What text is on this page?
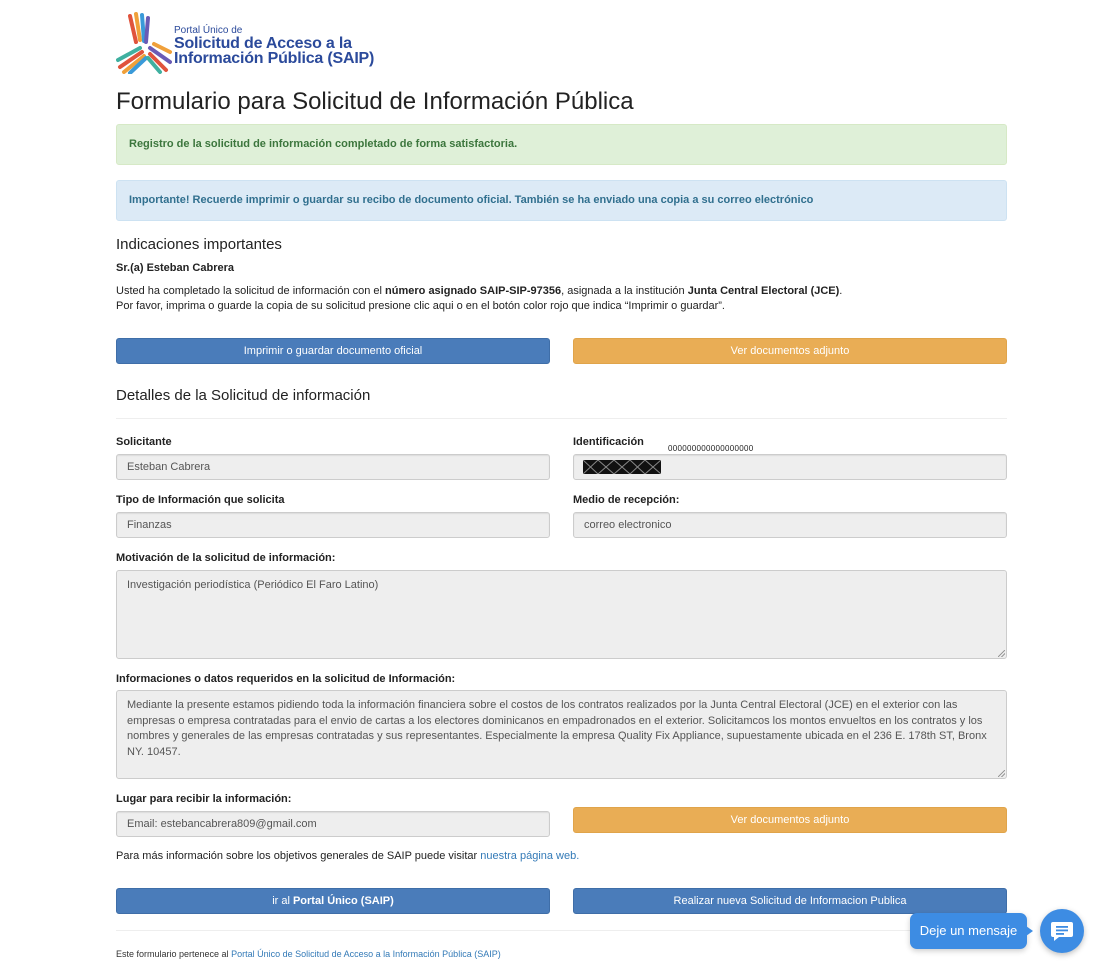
Portal Único de
Solicitud de Acceso a la
Información Pública (SAIP)
Formulario para Solicitud de Información Pública
Registro de la solicitud de información completado de forma satisfactoria.
Importante! Recuerde imprimir o guardar su recibo de documento oficial. También se ha enviado una copia a su correo electrónico
Indicaciones importantes
Sr.(a) Esteban Cabrera
Usted ha completado la solicitud de información con el número asignado SAIP-SIP-97356, asignada a la institución Junta Central Electoral (JCE).
Por favor, imprima o guarde la copia de su solicitud presione clic aqui o en el botón color rojo que indica “Imprimir o guardar”.
Imprimir o guardar documento oficial	Ver documentos adjunto
Detalles de la Solicitud de información
Solicitante
Esteban Cabrera
Identificación
000000000000000000
Tipo de Información que solicita
Finanzas
Medio de recepción:
correo electronico
Motivación de la solicitud de información:
Investigación periodística (Periódico El Faro Latino)
Informaciones o datos requeridos en la solicitud de Información:
Mediante la presente estamos pidiendo toda la información financiera sobre el costos de los contratos realizados por la Junta Central Electoral (JCE) en el exterior con las empresas o empresa contratadas para el envio de cartas a los electores dominicanos en empadronados en el exterior. Solicitamcos los montos envueltos en los contratos y los nombres y generales de las empresas contratadas y sus representantes. Especialmente la empresa Quality Fix Appliance, supuestamente ubicada en el 236 E. 178th ST, Bronx NY. 10457.
Lugar para recibir la información:
Email: estebancabrera809@gmail.com	Ver documentos adjunto
Para más información sobre los objetivos generales de SAIP puede visitar nuestra página web.
ir al Portal Único (SAIP)	Realizar nueva Solicitud de Informacion Publica
Este formulario pertenece al Portal Único de Solicitud de Acceso a la Información Pública (SAIP)
Deje un mensaje
